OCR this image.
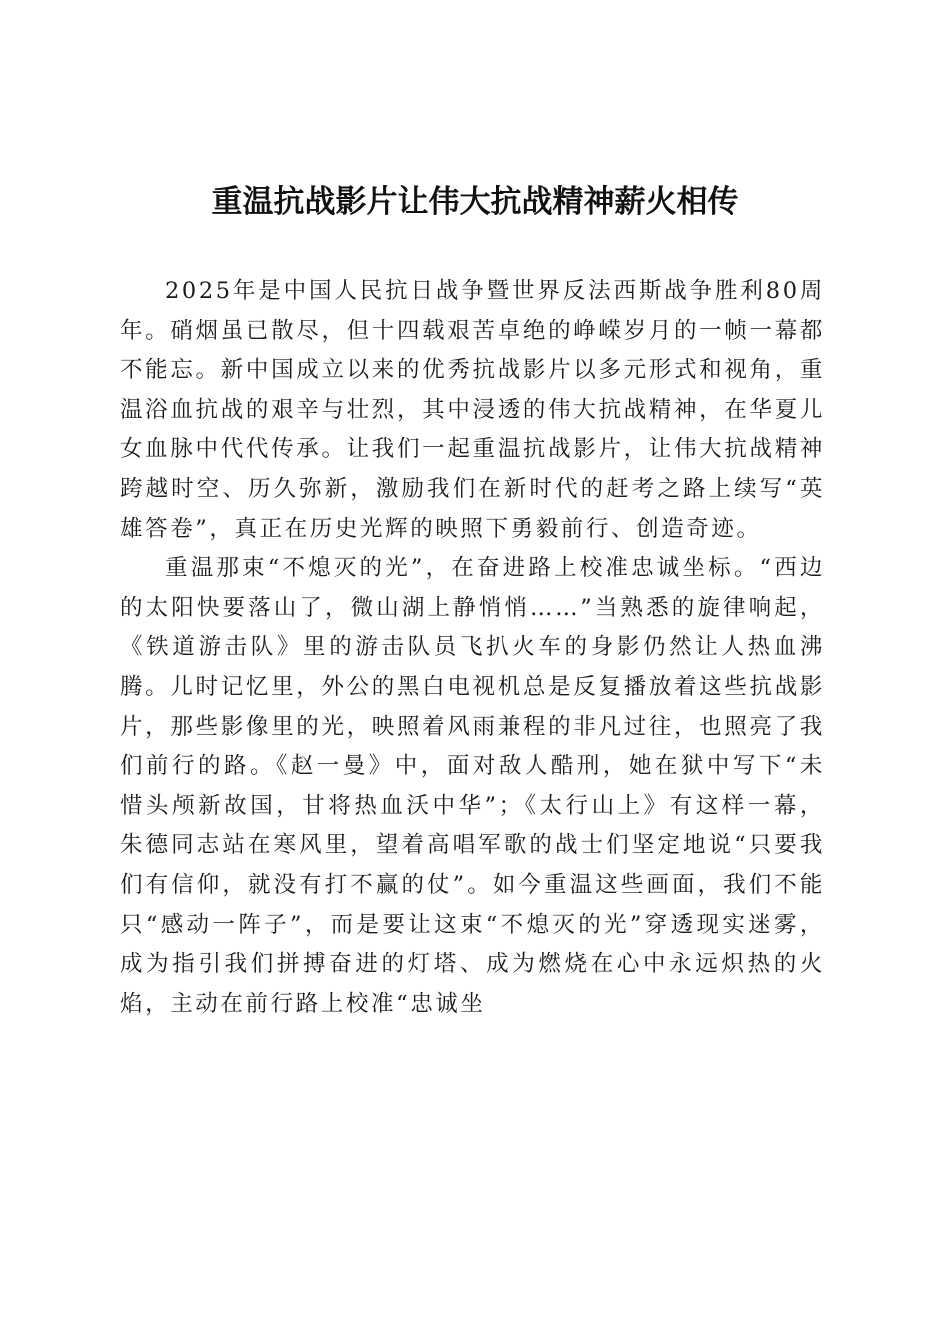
重温抗战影片让伟大抗战精神薪火相传

2025年是中国人民抗日战争暨世界反法西斯战争胜利80周年。硝烟虽已散尽，但十四载艰苦卓绝的峥嵘岁月的一帧一幕都不能忘。新中国成立以来的优秀抗战影片以多元形式和视角，重温浴血抗战的艰辛与壮烈，其中浸透的伟大抗战精神，在华夏儿女血脉中代代传承。让我们一起重温抗战影片，让伟大抗战精神跨越时空、历久弥新，激励我们在新时代的赶考之路上续写“英雄答卷”，真正在历史光辉的映照下勇毅前行、创造奇迹。

重温那束“不熄灭的光”，在奋进路上校准忠诚坐标。“西边的太阳快要落山了，微山湖上静悄悄……”当熟悉的旋律响起，《铁道游击队》里的游击队员飞扒火车的身影仍然让人热血沸腾。儿时记忆里，外公的黑白电视机总是反复播放着这些抗战影片，那些影像里的光，映照着风雨兼程的非凡过往，也照亮了我们前行的路。《赵一曼》中，面对敌人酷刑，她在狱中写下“未惜头颅新故国，甘将热血沃中华”；《太行山上》有这样一幕，朱德同志站在寒风里，望着高唱军歌的战士们坚定地说“只要我们有信仰，就没有打不赢的仗”。如今重温这些画面，我们不能只“感动一阵子”，而是要让这束“不熄灭的光”穿透现实迷雾，成为指引我们拼搏奋进的灯塔、成为燃烧在心中永远炽热的火焰，主动在前行路上校准“忠诚坐
